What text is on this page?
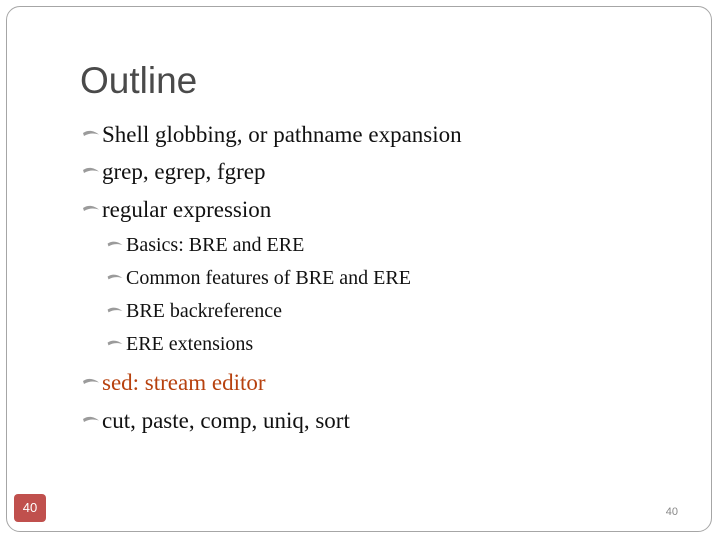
Outline
Shell globbing, or pathname expansion
grep, egrep, fgrep
regular expression
Basics: BRE and ERE
Common features of BRE and ERE
BRE backreference
ERE extensions
sed: stream editor
cut, paste, comp, uniq, sort
40	40
